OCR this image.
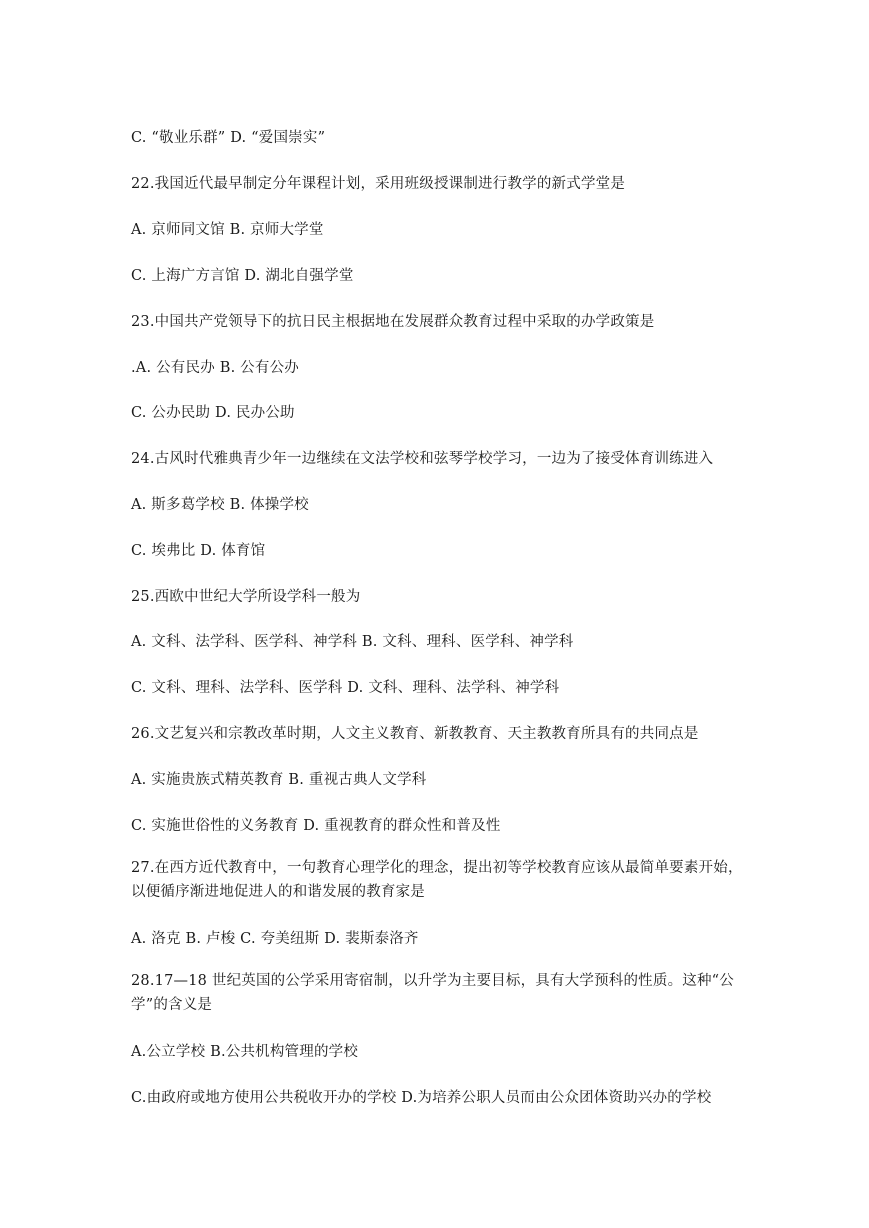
C. “敬业乐群” D. “爱国崇实”
22.我国近代最早制定分年课程计划，采用班级授课制进行教学的新式学堂是
A. 京师同文馆 B. 京师大学堂
C. 上海广方言馆 D. 湖北自强学堂
23.中国共产党领导下的抗日民主根据地在发展群众教育过程中采取的办学政策是
.A. 公有民办 B. 公有公办
C. 公办民助 D. 民办公助
24.古风时代雅典青少年一边继续在文法学校和弦琴学校学习，一边为了接受体育训练进入
A. 斯多葛学校 B. 体操学校
C. 埃弗比 D. 体育馆
25.西欧中世纪大学所设学科一般为
A. 文科、法学科、医学科、神学科 B. 文科、理科、医学科、神学科
C. 文科、理科、法学科、医学科 D. 文科、理科、法学科、神学科
26.文艺复兴和宗教改革时期，人文主义教育、新教教育、天主教教育所具有的共同点是
A. 实施贵族式精英教育 B. 重视古典人文学科
C. 实施世俗性的义务教育 D. 重视教育的群众性和普及性
27.在西方近代教育中，一句教育心理学化的理念，提出初等学校教育应该从最简单要素开始，以便循序渐进地促进人的和谐发展的教育家是
A. 洛克 B. 卢梭 C. 夸美纽斯 D. 裴斯泰洛齐
28.17—18 世纪英国的公学采用寄宿制，以升学为主要目标，具有大学预科的性质。这种“公学”的含义是
A.公立学校 B.公共机构管理的学校
C.由政府或地方使用公共税收开办的学校 D.为培养公职人员而由公众团体资助兴办的学校
